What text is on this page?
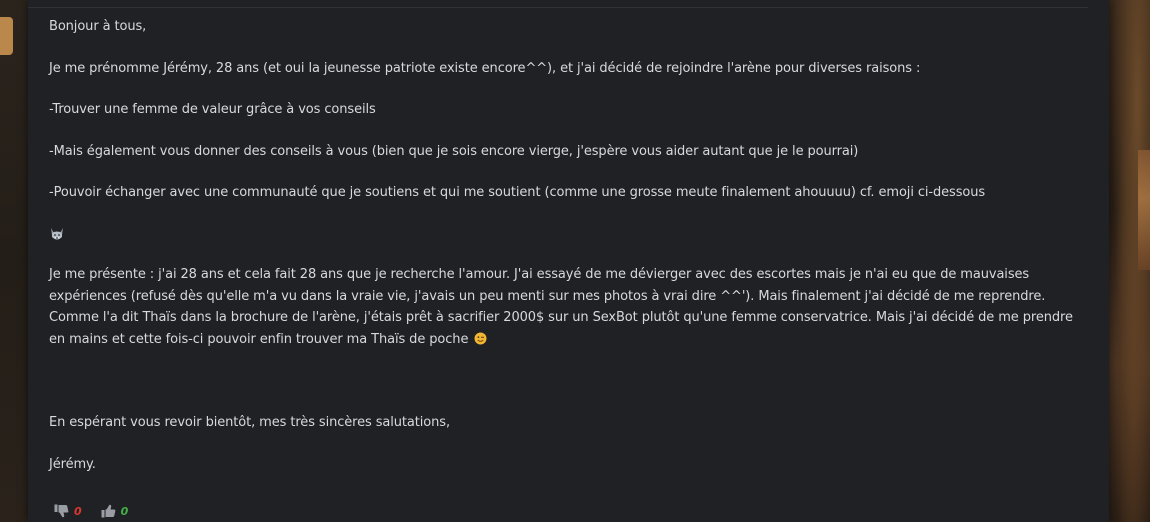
Bonjour à tous,

Je me prénomme Jérémy, 28 ans (et oui la jeunesse patriote existe encore^^), et j'ai décidé de rejoindre l'arène pour diverses raisons :

-Trouver une femme de valeur grâce à vos conseils

-Mais également vous donner des conseils à vous (bien que je sois encore vierge, j'espère vous aider autant que je le pourrai)

-Pouvoir échanger avec une communauté que je soutiens et qui me soutient (comme une grosse meute finalement ahouuuu) cf. emoji ci-dessous

Je me présente : j'ai 28 ans et cela fait 28 ans que je recherche l'amour. J'ai essayé de me dévierger avec des escortes mais je n'ai eu que de mauvaises expériences (refusé dès qu'elle m'a vu dans la vraie vie, j'avais un peu menti sur mes photos à vrai dire ^^'). Mais finalement j'ai décidé de me reprendre. Comme l'a dit Thaïs dans la brochure de l'arène, j'étais prêt à sacrifier 2000$ sur un SexBot plutôt qu'une femme conservatrice. Mais j'ai décidé de me prendre en mains et cette fois-ci pouvoir enfin trouver ma Thaïs de poche

En espérant vous revoir bientôt, mes très sincères salutations,

Jérémy.

0	0
